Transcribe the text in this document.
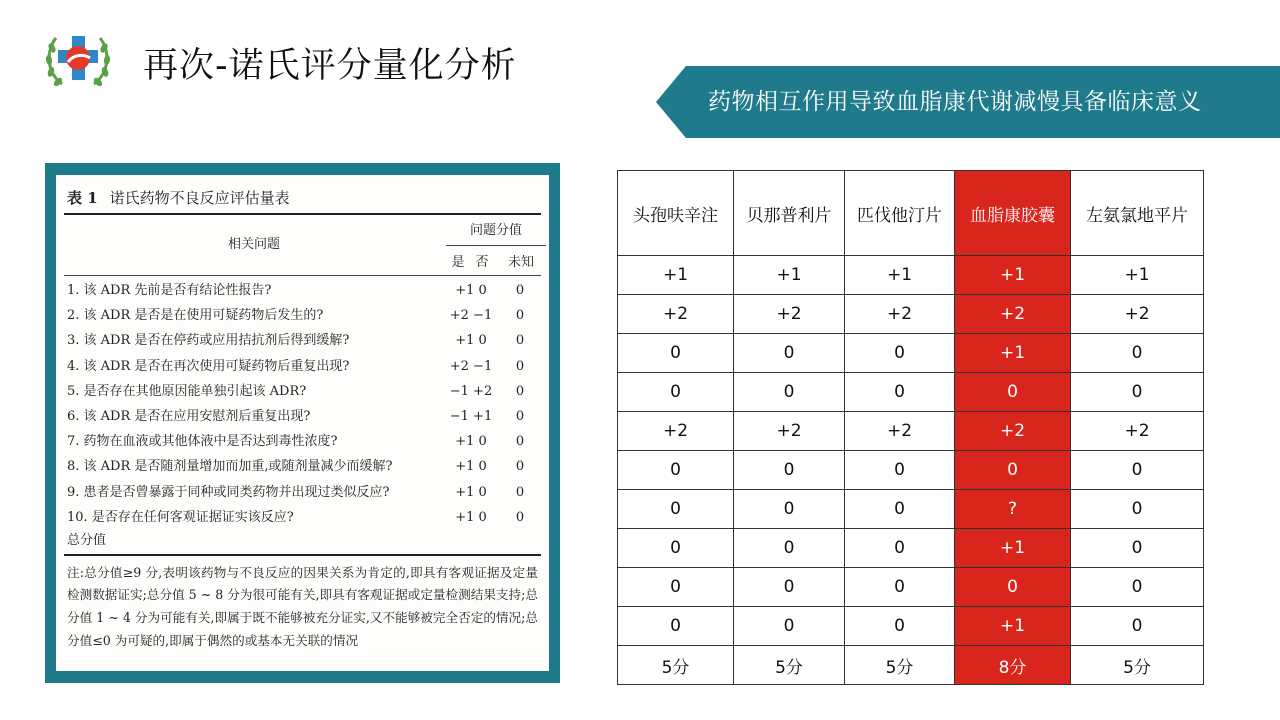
再次-诺氏评分量化分析
药物相互作用导致血脂康代谢减慢具备临床意义
表 1 诺氏药物不良反应评估量表
相关问题
问题分值
是 否	未知
1. 该 ADR 先前是否有结论性报告?	+1 0	0
2. 该 ADR 是否是在使用可疑药物后发生的?	+2 −1	0
3. 该 ADR 是否在停药或应用拮抗剂后得到缓解?	+1 0	0
4. 该 ADR 是否在再次使用可疑药物后重复出现?	+2 −1	0
5. 是否存在其他原因能单独引起该 ADR?	−1 +2	0
6. 该 ADR 是否在应用安慰剂后重复出现?	−1 +1	0
7. 药物在血液或其他体液中是否达到毒性浓度?	+1 0	0
8. 该 ADR 是否随剂量增加而加重,或随剂量减少而缓解?	+1 0	0
9. 患者是否曾暴露于同种或同类药物并出现过类似反应?	+1 0	0
10. 是否存在任何客观证据证实该反应?	+1 0	0
总分值
注:总分值≥9 分,表明该药物与不良反应的因果关系为肯定的,即具有客观证据及定量检测数据证实;总分值 5 ~ 8 分为很可能有关,即具有客观证据或定量检测结果支持;总分值 1 ~ 4 分为可能有关,即属于既不能够被充分证实,又不能够被完全否定的情况;总分值≤0 为可疑的,即属于偶然的或基本无关联的情况
头孢呋辛注	贝那普利片	匹伐他汀片	血脂康胶囊	左氨氯地平片
+1	+1	+1	+1	+1
+2	+2	+2	+2	+2
0	0	0	+1	0
0	0	0	0	0
+2	+2	+2	+2	+2
0	0	0	0	0
0	0	0	?	0
0	0	0	+1	0
0	0	0	0	0
0	0	0	+1	0
5分	5分	5分	8分	5分
